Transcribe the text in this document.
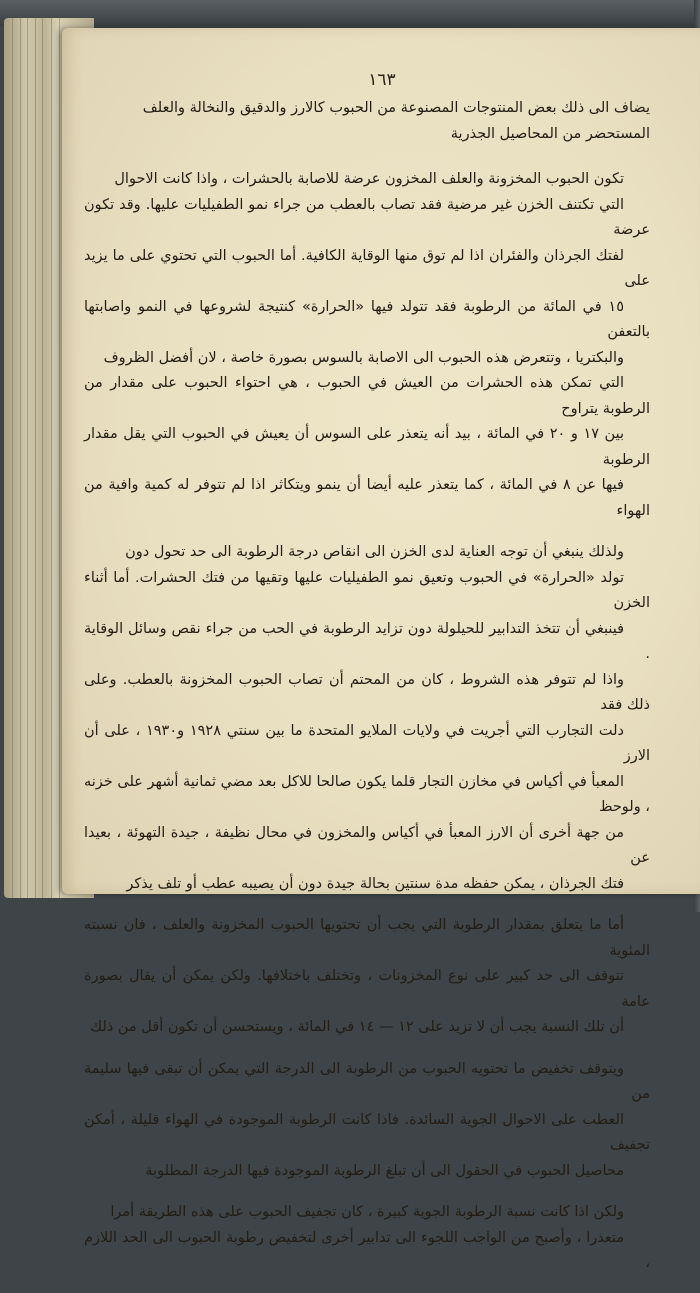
١٦٣

يضاف الى ذلك بعض المنتوجات المصنوعة من الحبوب كالارز والدقيق والنخالة والعلف
المستحضر من المحاصيل الجذرية

تكون الحبوب المخزونة والعلف المخزون عرضة للاصابة بالحشرات ، واذا كانت الاحوال
التي تكتنف الخزن غير مرضية فقد تصاب بالعطب من جراء نمو الطفيليات عليها. وقد تكون عرضة
لفتك الجرذان والفئران اذا لم توق منها الوقاية الكافية. أما الحبوب التي تحتوي على ما يزيد على
١٥ في المائة من الرطوبة فقد تتولد فيها «الحرارة» كنتيجة لشروعها في النمو واصابتها بالتعفن
والبكتريا ، وتتعرض هذه الحبوب الى الاصابة بالسوس بصورة خاصة ، لان أفضل الظروف
التي تمكن هذه الحشرات من العيش في الحبوب ، هي احتواء الحبوب على مقدار من الرطوبة يتراوح
بين ١٧ و ٢٠ في المائة ، بيد أنه يتعذر على السوس أن يعيش في الحبوب التي يقل مقدار الرطوبة
فيها عن ٨ في المائة ، كما يتعذر عليه أيضا أن ينمو ويتكاثر اذا لم تتوفر له كمية وافية من الهواء

ولذلك ينبغي أن توجه العناية لدى الخزن الى انقاص درجة الرطوبة الى حد تحول دون
تولد «الحرارة» في الحبوب وتعيق نمو الطفيليات عليها وتقيها من فتك الحشرات. أما أثناء الخزن
فينبغي أن تتخذ التدابير للحيلولة دون تزايد الرطوبة في الحب من جراء نقص وسائل الوقاية .
واذا لم تتوفر هذه الشروط ، كان من المحتم أن تصاب الحبوب المخزونة بالعطب. وعلى ذلك فقد
دلت التجارب التي أجريت في ولايات الملايو المتحدة ما بين سنتي ١٩٢٨ و١٩٣٠ ، على أن الارز
المعبأ في أكياس في مخازن التجار قلما يكون صالحا للاكل بعد مضي ثمانية أشهر على خزنه ، ولوحظ
من جهة أخرى أن الارز المعبأ في أكياس والمخزون في محال نظيفة ، جيدة التهوئة ، بعيدا عن
فتك الجرذان ، يمكن حفظه مدة سنتين بحالة جيدة دون أن يصيبه عطب أو تلف يذكر

أما ما يتعلق بمقدار الرطوبة التي يجب أن تحتويها الحبوب المخزونة والعلف ، فان نسبته المئوية
تتوقف الى حد كبير على نوع المخزونات ، وتختلف باختلافها. ولكن يمكن أن يقال بصورة عامة
أن تلك النسبة يجب أن لا تزيد على ١٢ — ١٤ في المائة ، ويستحسن أن تكون أقل من ذلك

ويتوقف تخفيض ما تحتويه الحبوب من الرطوبة الى الدرجة التي يمكن أن تبقى فيها سليمة من
العطب على الاحوال الجوية السائدة. فاذا كانت الرطوبة الموجودة في الهواء قليلة ، أمكن تجفيف
محاصيل الحبوب في الحقول الى أن تبلغ الرطوبة الموجودة فيها الدرجة المطلوبة

ولكن اذا كانت نسبة الرطوبة الجوية كبيرة ، كان تجفيف الحبوب على هذه الطريقة أمرا
متعذرا ، وأصبح من الواجب اللجوء الى تدابير أخرى لتخفيض رطوبة الحبوب الى الحد اللازم ،
